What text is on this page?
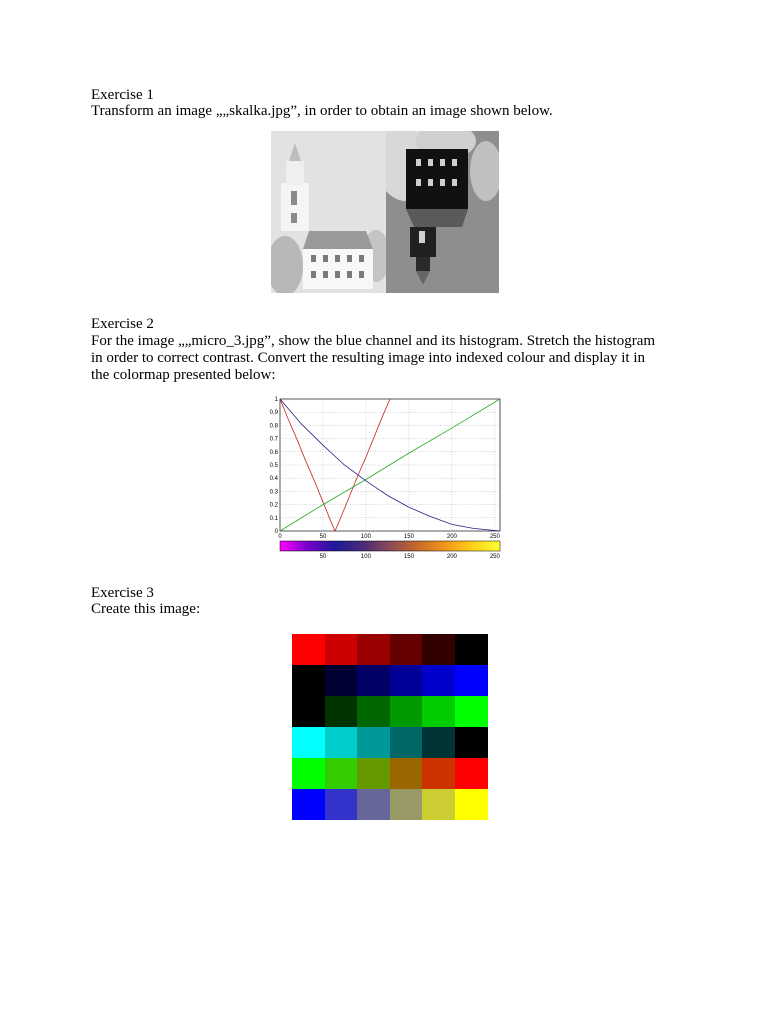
Exercise 1
Transform an image „„skalka.jpg”, in order to obtain an image shown below.
Exercise 2
For the image „„micro_3.jpg”, show the blue channel and its histogram. Stretch the histogram
in order to correct contrast. Convert the resulting image into indexed colour and display it in
the colormap presented below:
0	50	100	150	200	250
0
0.1
0.2
0.3
0.4
0.5
0.6
0.7
0.8
0.9
1
50	100	150	200	250
Exercise 3
Create this image:
